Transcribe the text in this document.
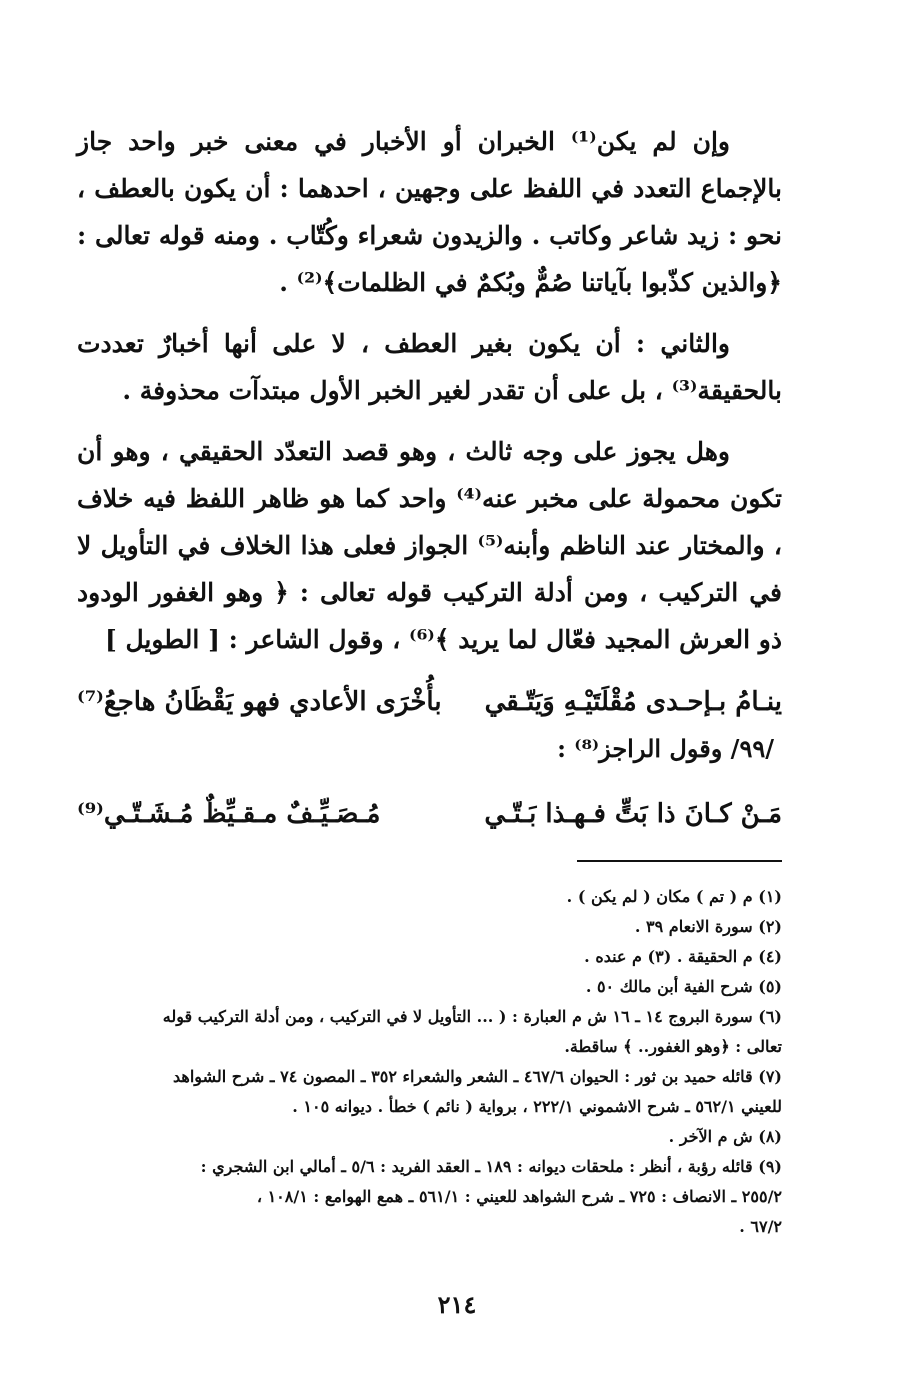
وإن لم يكن⁽¹⁾ الخبران أو الأخبار في معنى خبر واحد جاز بالإجماع التعدد في اللفظ على وجهين ، احدهما : أن يكون بالعطف ، نحو : زيد شاعر وكاتب . والزيدون شعراء وكُتّاب . ومنه قوله تعالى : ﴿والذين كذّبوا بآياتنا صُمٌّ وبُكمٌ في الظلمات﴾⁽²⁾ .

والثاني : أن يكون بغير العطف ، لا على أنها أخبارٌ تعددت بالحقيقة⁽³⁾ ، بل على أن تقدر لغير الخبر الأول مبتدآت محذوفة .

وهل يجوز على وجه ثالث ، وهو قصد التعدّد الحقيقي ، وهو أن تكون محمولة على مخبر عنه⁽⁴⁾ واحد كما هو ظاهر اللفظ فيه خلاف ، والمختار عند الناظم وأبنه⁽⁵⁾ الجواز فعلى هذا الخلاف في التأويل لا في التركيب ، ومن أدلة التركيب قوله تعالى : ﴿ وهو الغفور الودود ذو العرش المجيد فعّال لما يريد ﴾⁽⁶⁾ ، وقول الشاعر : [ الطويل ]

ينـامُ بـإحـدى مُقْلَتَيْـهِ وَيَتّـقي
بأُخْرَى الأعادي فهو يَقْظَانُ هاجعُ⁽⁷⁾
/٩٩/ وقول الراجز⁽⁸⁾ :
مَـنْ كـانَ ذا بَتٍّ فـهـذا بَـتّـي
مُـصَـيِّـفٌ مـقـيِّظٌ مُـشَـتّـي⁽⁹⁾

(١) م ( تم ) مكان ( لم يكن ) .

(٢) سورة الانعام ٣٩ .

(٤) م الحقيقة . (٣) م عنده .

(٥) شرح الفية أبن مالك ٥٠ .

(٦) سورة البروج ١٤ ـ ١٦ ش م العبارة : ( ... التأويل لا في التركيب ، ومن أدلة التركيب قوله

تعالى : ﴿وهو الغفور.. ﴾ ساقطة.

(٧) قائله حميد بن ثور : الحيوان ٤٦٧/٦ ـ الشعر والشعراء ٣٥٢ ـ المصون ٧٤ ـ شرح الشواهد

للعيني ٥٦٢/١ ـ شرح الاشموني ٢٢٢/١ ، برواية ( نائم ) خطأ . ديوانه ١٠٥ .

(٨) ش م الآخر .

(٩) قائله رؤبة ، أنظر : ملحقات ديوانه : ١٨٩ ـ العقد الفريد : ٥/٦ ـ أمالي ابن الشجري :

٢٥٥/٢ ـ الانصاف : ٧٢٥ ـ شرح الشواهد للعيني : ٥٦١/١ ـ همع الهوامع : ١٠٨/١ ،

٦٧/٢ .

٢١٤
